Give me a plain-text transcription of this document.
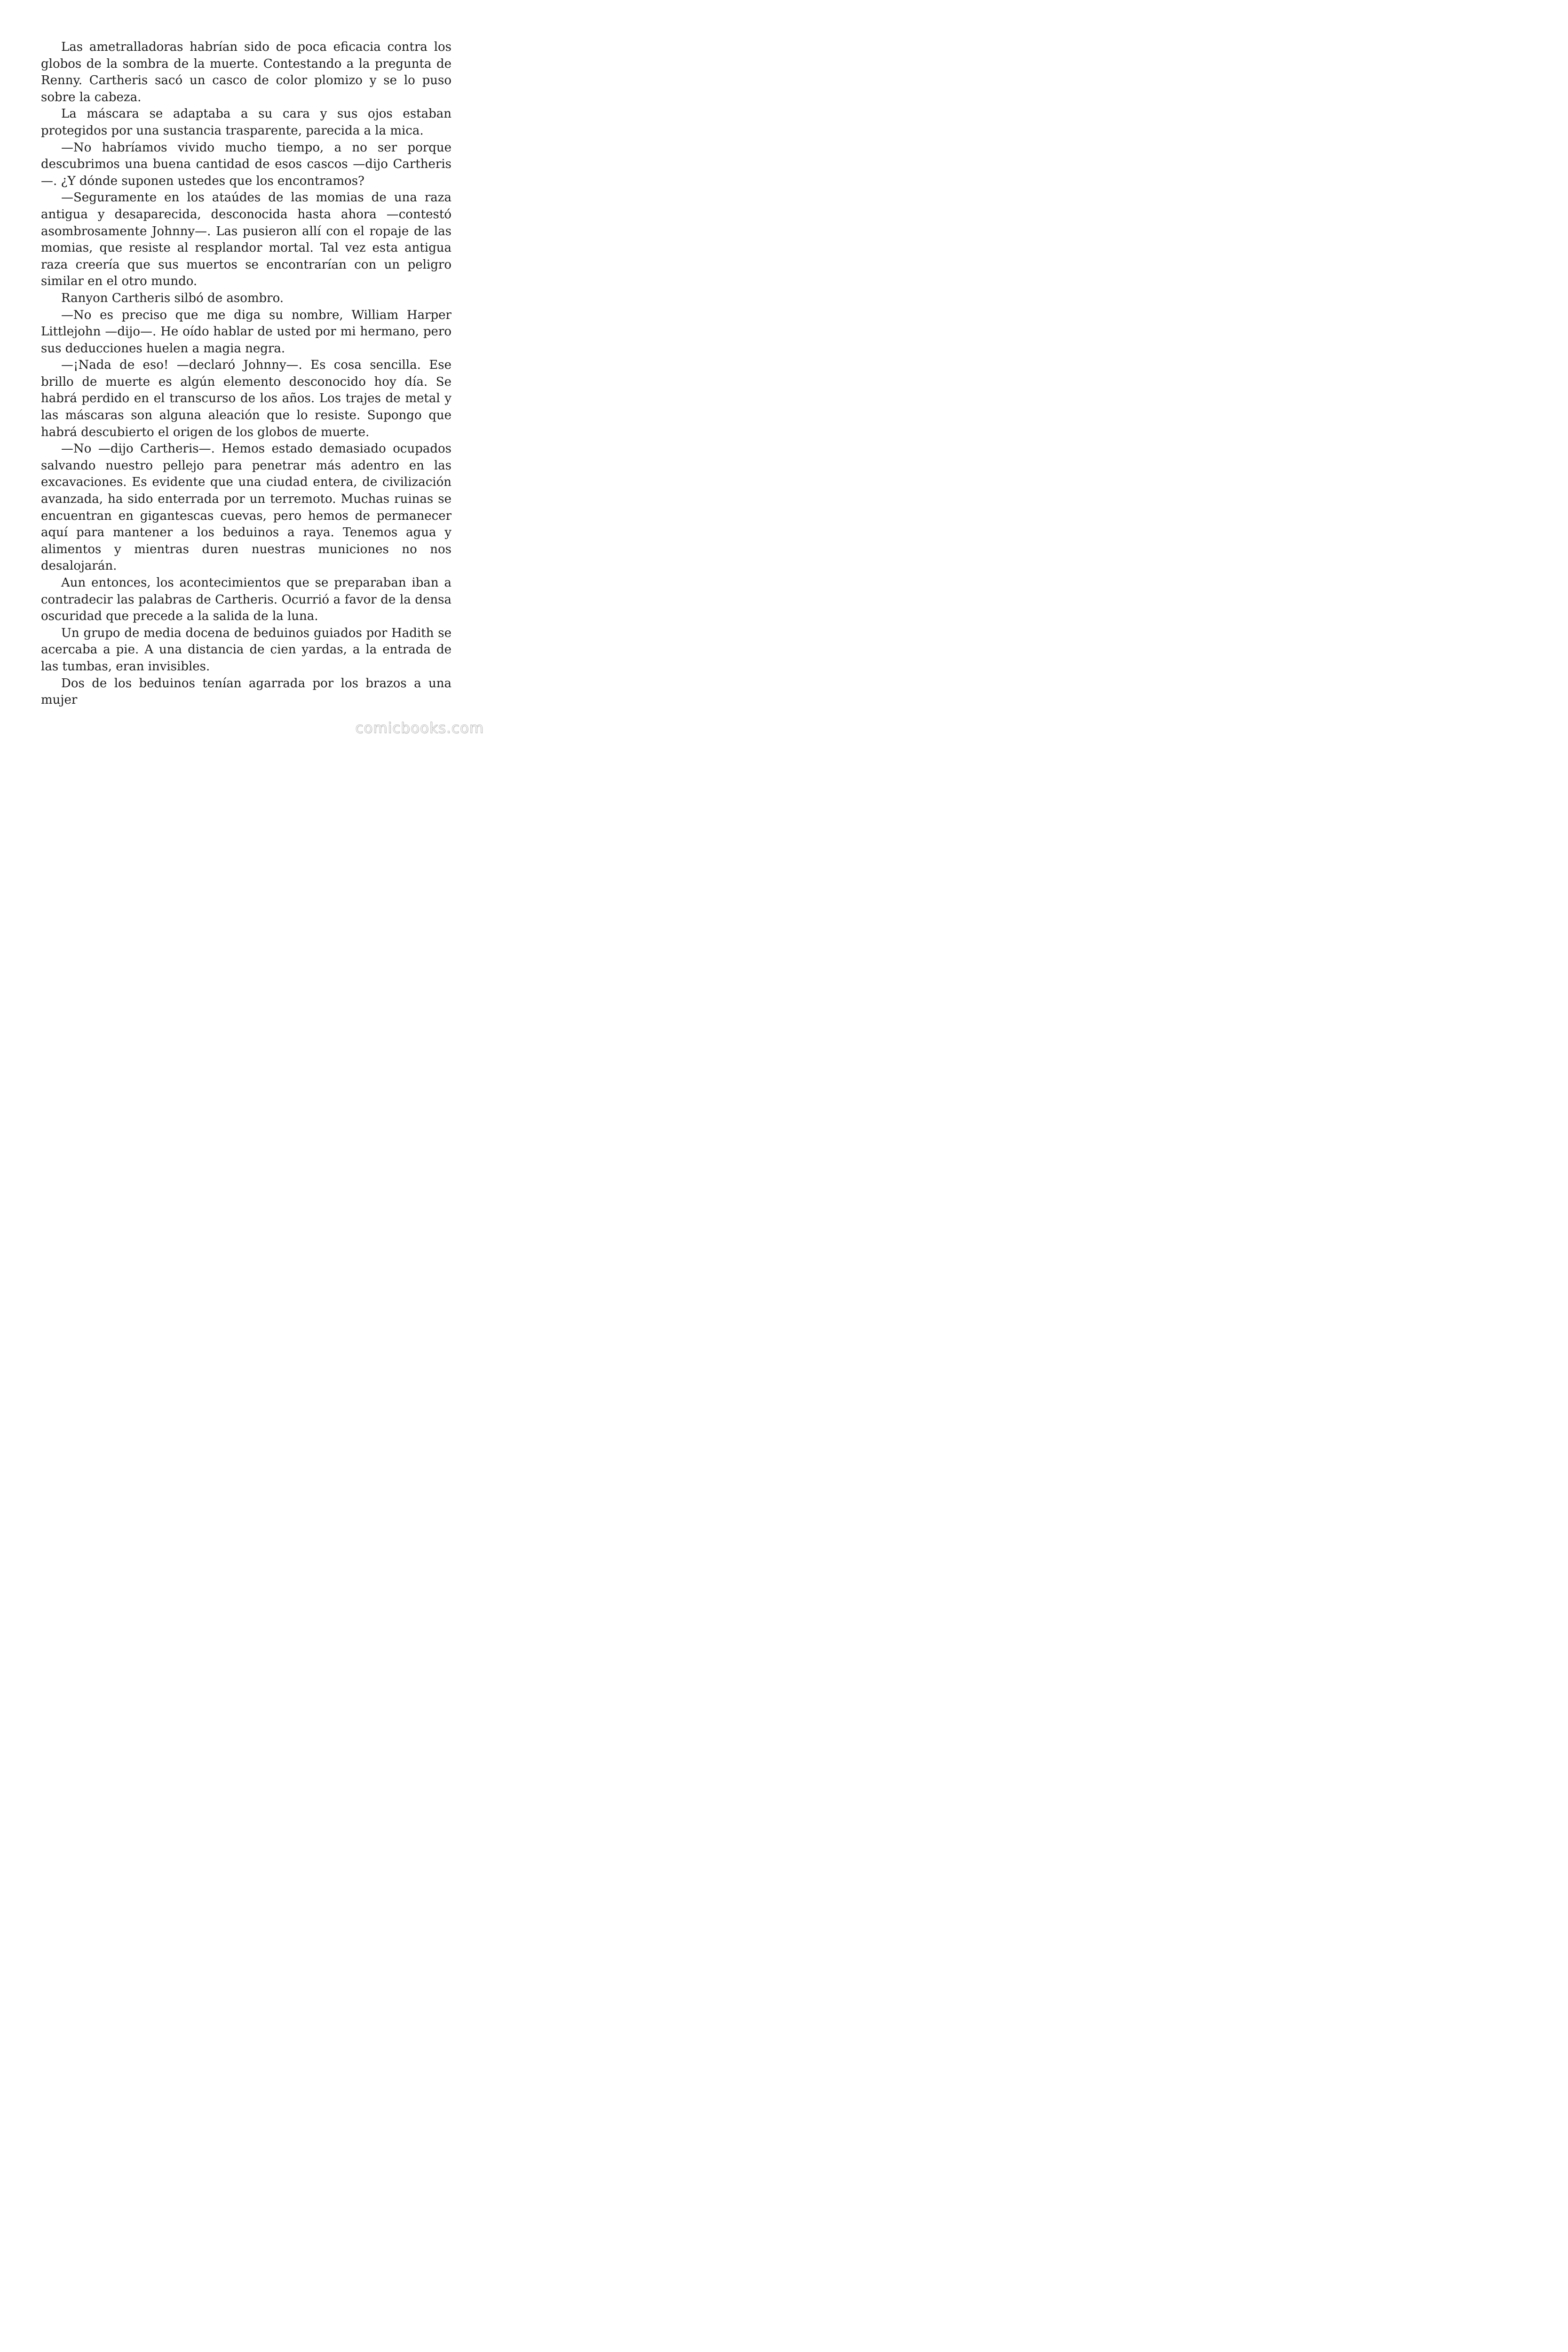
Las ametralladoras habrían sido de poca eficacia contra los globos de la sombra de la muerte. Contestando a la pregunta de Renny. Cartheris sacó un casco de color plomizo y se lo puso sobre la cabeza.

La máscara se adaptaba a su cara y sus ojos estaban protegidos por una sustancia trasparente, parecida a la mica.

—No habríamos vivido mucho tiempo, a no ser porque descubrimos una buena cantidad de esos cascos —dijo Cartheris—. ¿Y dónde suponen ustedes que los encontramos?

—Seguramente en los ataúdes de las momias de una raza antigua y desaparecida, desconocida hasta ahora —contestó asombrosamente Johnny—. Las pusieron allí con el ropaje de las momias, que resiste al resplandor mortal. Tal vez esta antigua raza creería que sus muertos se encontrarían con un peligro similar en el otro mundo.

Ranyon Cartheris silbó de asombro.

—No es preciso que me diga su nombre, William Harper Littlejohn —dijo—. He oído hablar de usted por mi hermano, pero sus deducciones huelen a magia negra.

—¡Nada de eso! —declaró Johnny—. Es cosa sencilla. Ese brillo de muerte es algún elemento desconocido hoy día. Se habrá perdido en el transcurso de los años. Los trajes de metal y las máscaras son alguna aleación que lo resiste. Supongo que habrá descubierto el origen de los globos de muerte.

—No —dijo Cartheris—. Hemos estado demasiado ocupados salvando nuestro pellejo para penetrar más adentro en las excavaciones. Es evidente que una ciudad entera, de civilización avanzada, ha sido enterrada por un terremoto. Muchas ruinas se encuentran en gigantescas cuevas, pero hemos de permanecer aquí para mantener a los beduinos a raya. Tenemos agua y alimentos y mientras duren nuestras municiones no nos desalojarán.

Aun entonces, los acontecimientos que se preparaban iban a contradecir las palabras de Cartheris. Ocurrió a favor de la densa oscuridad que precede a la salida de la luna.

Un grupo de media docena de beduinos guiados por Hadith se acercaba a pie. A una distancia de cien yardas, a la entrada de las tumbas, eran invisibles.

Dos de los beduinos tenían agarrada por los brazos a una mujer

comicbooks.com
